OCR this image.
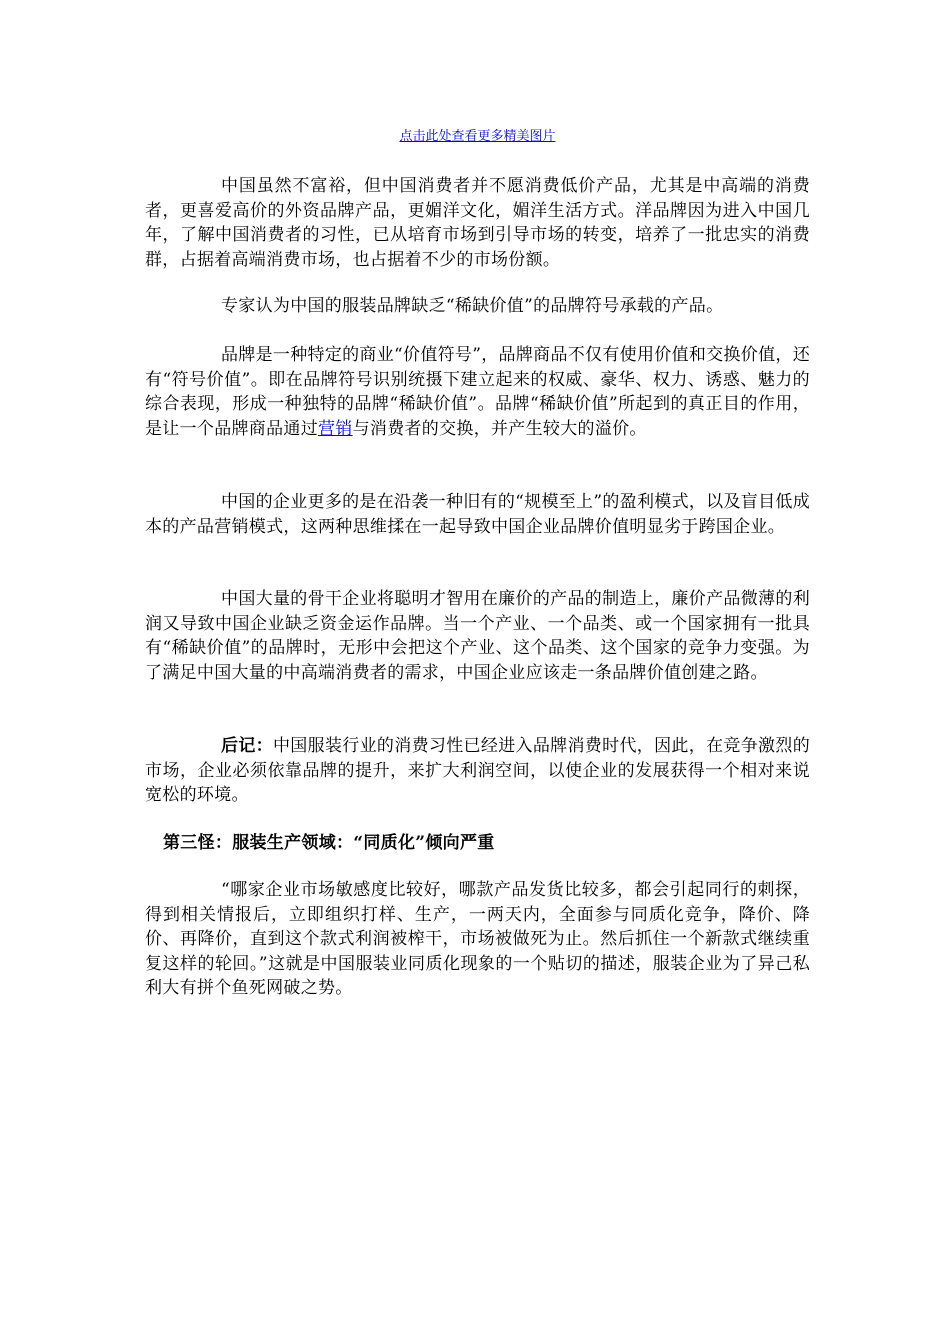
点击此处查看更多精美图片
中国虽然不富裕，但中国消费者并不愿消费低价产品，尤其是中高端的消费者，更喜爱高价的外资品牌产品，更媚洋文化，媚洋生活方式。洋品牌因为进入中国几年，了解中国消费者的习性，已从培育市场到引导市场的转变，培养了一批忠实的消费群，占据着高端消费市场，也占据着不少的市场份额。
专家认为中国的服装品牌缺乏“稀缺价值”的品牌符号承载的产品。
品牌是一种特定的商业“价值符号”，品牌商品不仅有使用价值和交换价值，还有“符号价值”。即在品牌符号识别统摄下建立起来的权威、豪华、权力、诱惑、魅力的综合表现，形成一种独特的品牌“稀缺价值”。品牌“稀缺价值”所起到的真正目的作用，是让一个品牌商品通过营销与消费者的交换，并产生较大的溢价。
中国的企业更多的是在沿袭一种旧有的“规模至上”的盈利模式，以及盲目低成本的产品营销模式，这两种思维揉在一起导致中国企业品牌价值明显劣于跨国企业。
中国大量的骨干企业将聪明才智用在廉价的产品的制造上，廉价产品微薄的利润又导致中国企业缺乏资金运作品牌。当一个产业、一个品类、或一个国家拥有一批具有“稀缺价值”的品牌时，无形中会把这个产业、这个品类、这个国家的竞争力变强。为了满足中国大量的中高端消费者的需求，中国企业应该走一条品牌价值创建之路。
后记：中国服装行业的消费习性已经进入品牌消费时代，因此，在竞争激烈的市场，企业必须依靠品牌的提升，来扩大利润空间，以使企业的发展获得一个相对来说宽松的环境。
第三怪：服装生产领域：“同质化”倾向严重
“哪家企业市场敏感度比较好，哪款产品发货比较多，都会引起同行的刺探，得到相关情报后，立即组织打样、生产，一两天内，全面参与同质化竞争，降价、降价、再降价，直到这个款式利润被榨干，市场被做死为止。然后抓住一个新款式继续重复这样的轮回。”这就是中国服装业同质化现象的一个贴切的描述，服装企业为了异己私利大有拼个鱼死网破之势。
